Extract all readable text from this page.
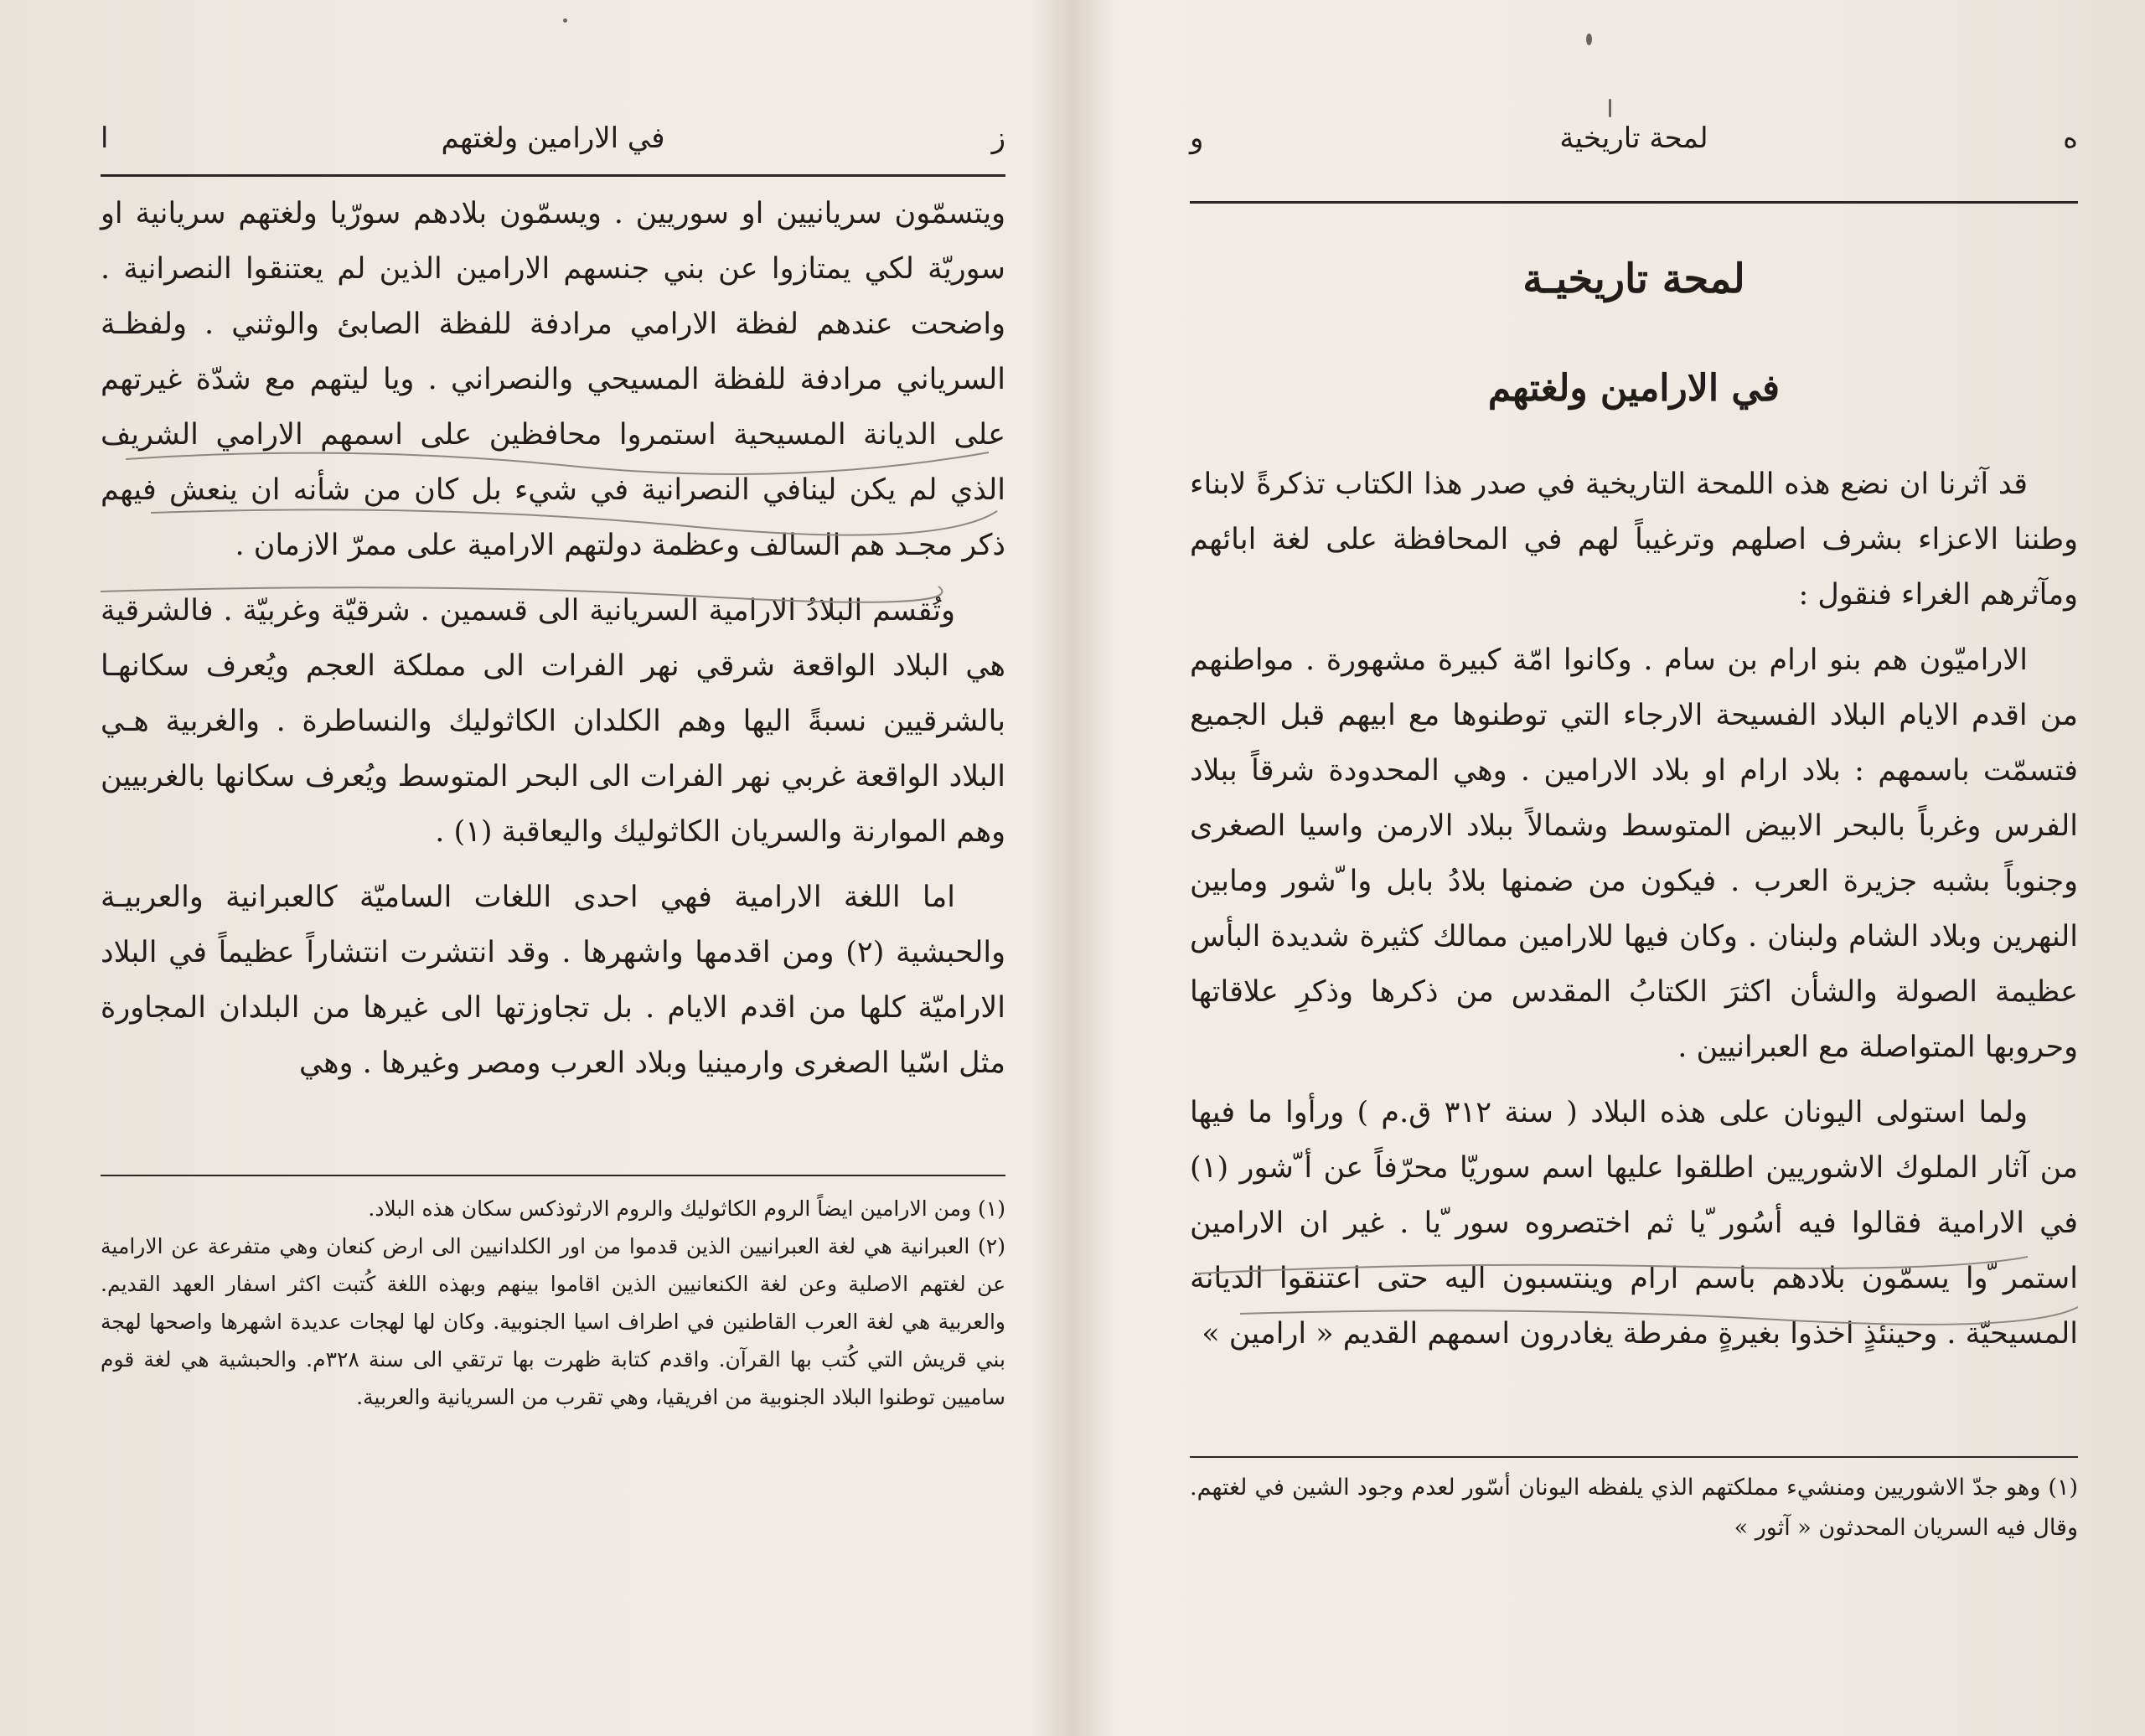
ز
في الارامين ولغتهم
ا

ويتسمّون سريانيين او سوريين . ويسمّون بلادهم سورّيا ولغتهم سريانية او سوريّة لكي يمتازوا عن بني جنسهم الارامين الذين لم يعتنقوا النصرانية . واضحت عندهم لفظة الارامي مرادفة للفظة الصابئ والوثني . ولفظـة السرياني مرادفة للفظة المسيحي والنصراني . ويا ليتهم مع شدّة غيرتهم على الديانة المسيحية استمروا محافظين على اسمهم الارامي الشريف الذي لم يكن لينافي النصرانية في شيء بل كان من شأنه ان ينعش فيهم ذكر مجـد هم السالف وعظمة دولتهم الارامية على ممرّ الازمان .

وتُقسم البلادُ الارامية السريانية الى قسمين . شرقيّة وغربيّة . فالشرقية هي البلاد الواقعة شرقي نهر الفرات الى مملكة العجم ويُعرف سكانهـا بالشرقيين نسبةً اليها وهم الكلدان الكاثوليك والنساطرة . والغربية هـي البلاد الواقعة غربي نهر الفرات الى البحر المتوسط ويُعرف سكانها بالغربيين وهم الموارنة والسريان الكاثوليك واليعاقبة (١) .

اما اللغة الارامية فهي احدى اللغات الساميّة كالعبرانية والعربيـة والحبشية (٢) ومن اقدمها واشهرها . وقد انتشرت انتشاراً عظيماً في البلاد الاراميّة كلها من اقدم الايام . بل تجاوزتها الى غيرها من البلدان المجاورة مثل اسّيا الصغرى وارمينيا وبلاد العرب ومصر وغيرها . وهي

(١) ومن الارامين ايضاً الروم الكاثوليك والروم الارثوذكس سكان هذه البلاد.

(٢) العبرانية هي لغة العبرانيين الذين قدموا من اور الكلدانيين الى ارض كنعان وهي متفرعة عن الارامية عن لغتهم الاصلية وعن لغة الكنعانيين الذين اقاموا بينهم وبهذه اللغة كُتبت اكثر اسفار العهد القديم. والعربية هي لغة العرب القاطنين في اطراف اسيا الجنوبية. وكان لها لهجات عديدة اشهرها واصحها لهجة بني قريش التي كُتب بها القرآن. واقدم كتابة ظهرت بها ترتقي الى سنة ٣٢٨م. والحبشية هي لغة قوم ساميين توطنوا البلاد الجنوبية من افريقيا، وهي تقرب من السريانية والعربية.

ه
لمحة تاريخية
و
لمحة تاريخيـة
في الارامين ولغتهم

قد آثرنا ان نضع هذه اللمحة التاريخية في صدر هذا الكتاب تذكرةً لابناء وطننا الاعزاء بشرف اصلهم وترغيباً لهم في المحافظة على لغة ابائهم ومآثرهم الغراء فنقول :

الاراميّون هم بنو ارام بن سام . وكانوا امّة كبيرة مشهورة . مواطنهم من اقدم الايام البلاد الفسيحة الارجاء التي توطنوها مع ابيهم قبل الجميع فتسمّت باسمهم : بلاد ارام او بلاد الارامين . وهي المحدودة شرقاً ببلاد الفرس وغرباً بالبحر الابيض المتوسط وشمالاً ببلاد الارمن واسيا الصغرى وجنوباً بشبه جزيرة العرب . فيكون من ضمنها بلادُ بابل وا ّشور ومابين النهرين وبلاد الشام ولبنان . وكان فيها للارامين ممالك كثيرة شديدة البأس عظيمة الصولة والشأن اكثرَ الكتابُ المقدس من ذكرها وذكرِ علاقاتها وحروبها المتواصلة مع العبرانيين .

ولما استولى اليونان على هذه البلاد ( سنة ٣١٢ ق.م ) ورأوا ما فيها من آثار الملوك الاشوريين اطلقوا عليها اسم سوريّا محرّفاً عن أ ّشور (١) في الارامية فقالوا فيه أسُور ّيا ثم اختصروه سور ّيا . غير ان الارامين استمر ّوا يسمّون بلادهم باسم ارام وينتسبون اليه حتى اعتنقوا الديانة المسيحيّة . وحينئذٍ اخذوا بغيرةٍ مفرطة يغادرون اسمهم القديم « ارامين »

(١) وهو جدّ الاشوريين ومنشيء مملكتهم الذي يلفظه اليونان أسّور لعدم وجود الشين في لغتهم. وقال فيه السريان المحدثون « آثور »
